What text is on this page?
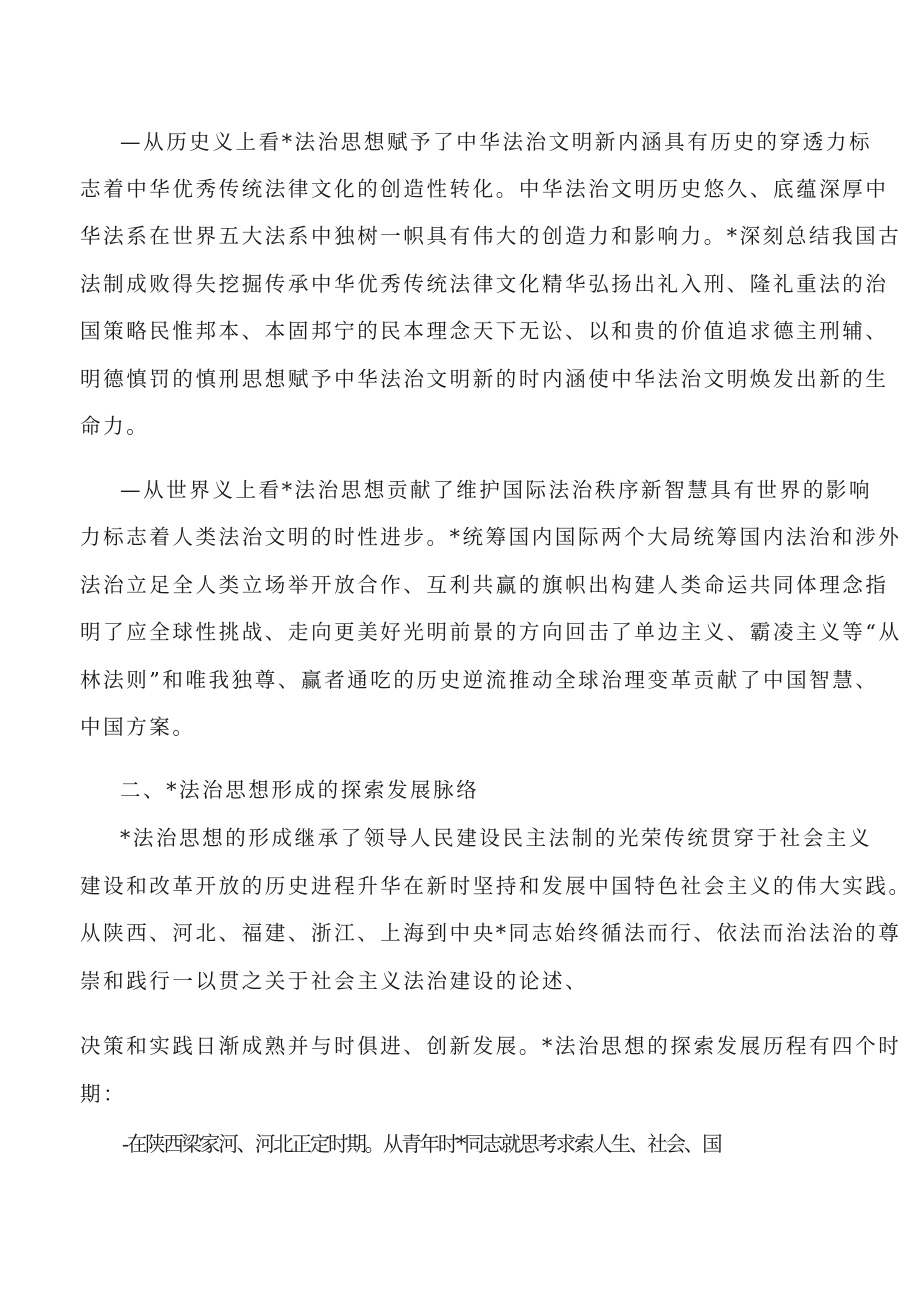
—从历史义上看*法治思想赋予了中华法治文明新内涵具有历史的穿透力标
志着中华优秀传统法律文化的创造性转化。中华法治文明历史悠久、底蕴深厚中
华法系在世界五大法系中独树一帜具有伟大的创造力和影响力。*深刻总结我国古
法制成败得失挖掘传承中华优秀传统法律文化精华弘扬出礼入刑、隆礼重法的治
国策略民惟邦本、本固邦宁的民本理念天下无讼、以和贵的价值追求德主刑辅、
明德慎罚的慎刑思想赋予中华法治文明新的时内涵使中华法治文明焕发出新的生
命力。
—从世界义上看*法治思想贡献了维护国际法治秩序新智慧具有世界的影响
力标志着人类法治文明的时性进步。*统筹国内国际两个大局统筹国内法治和涉外
法治立足全人类立场举开放合作、互利共赢的旗帜出构建人类命运共同体理念指
明了应全球性挑战、走向更美好光明前景的方向回击了单边主义、霸凌主义等“从
林法则”和唯我独尊、赢者通吃的历史逆流推动全球治理变革贡献了中国智慧、
中国方案。
二、*法治思想形成的探索发展脉络
*法治思想的形成继承了领导人民建设民主法制的光荣传统贯穿于社会主义
建设和改革开放的历史进程升华在新时坚持和发展中国特色社会主义的伟大实践。
从陕西、河北、福建、浙江、上海到中央*同志始终循法而行、依法而治法治的尊
崇和践行一以贯之关于社会主义法治建设的论述、
决策和实践日渐成熟并与时俱进、创新发展。*法治思想的探索发展历程有四个时
期：
-在陕西梁家河、河北正定时期。从青年时*同志就思考求索人生、社会、国
